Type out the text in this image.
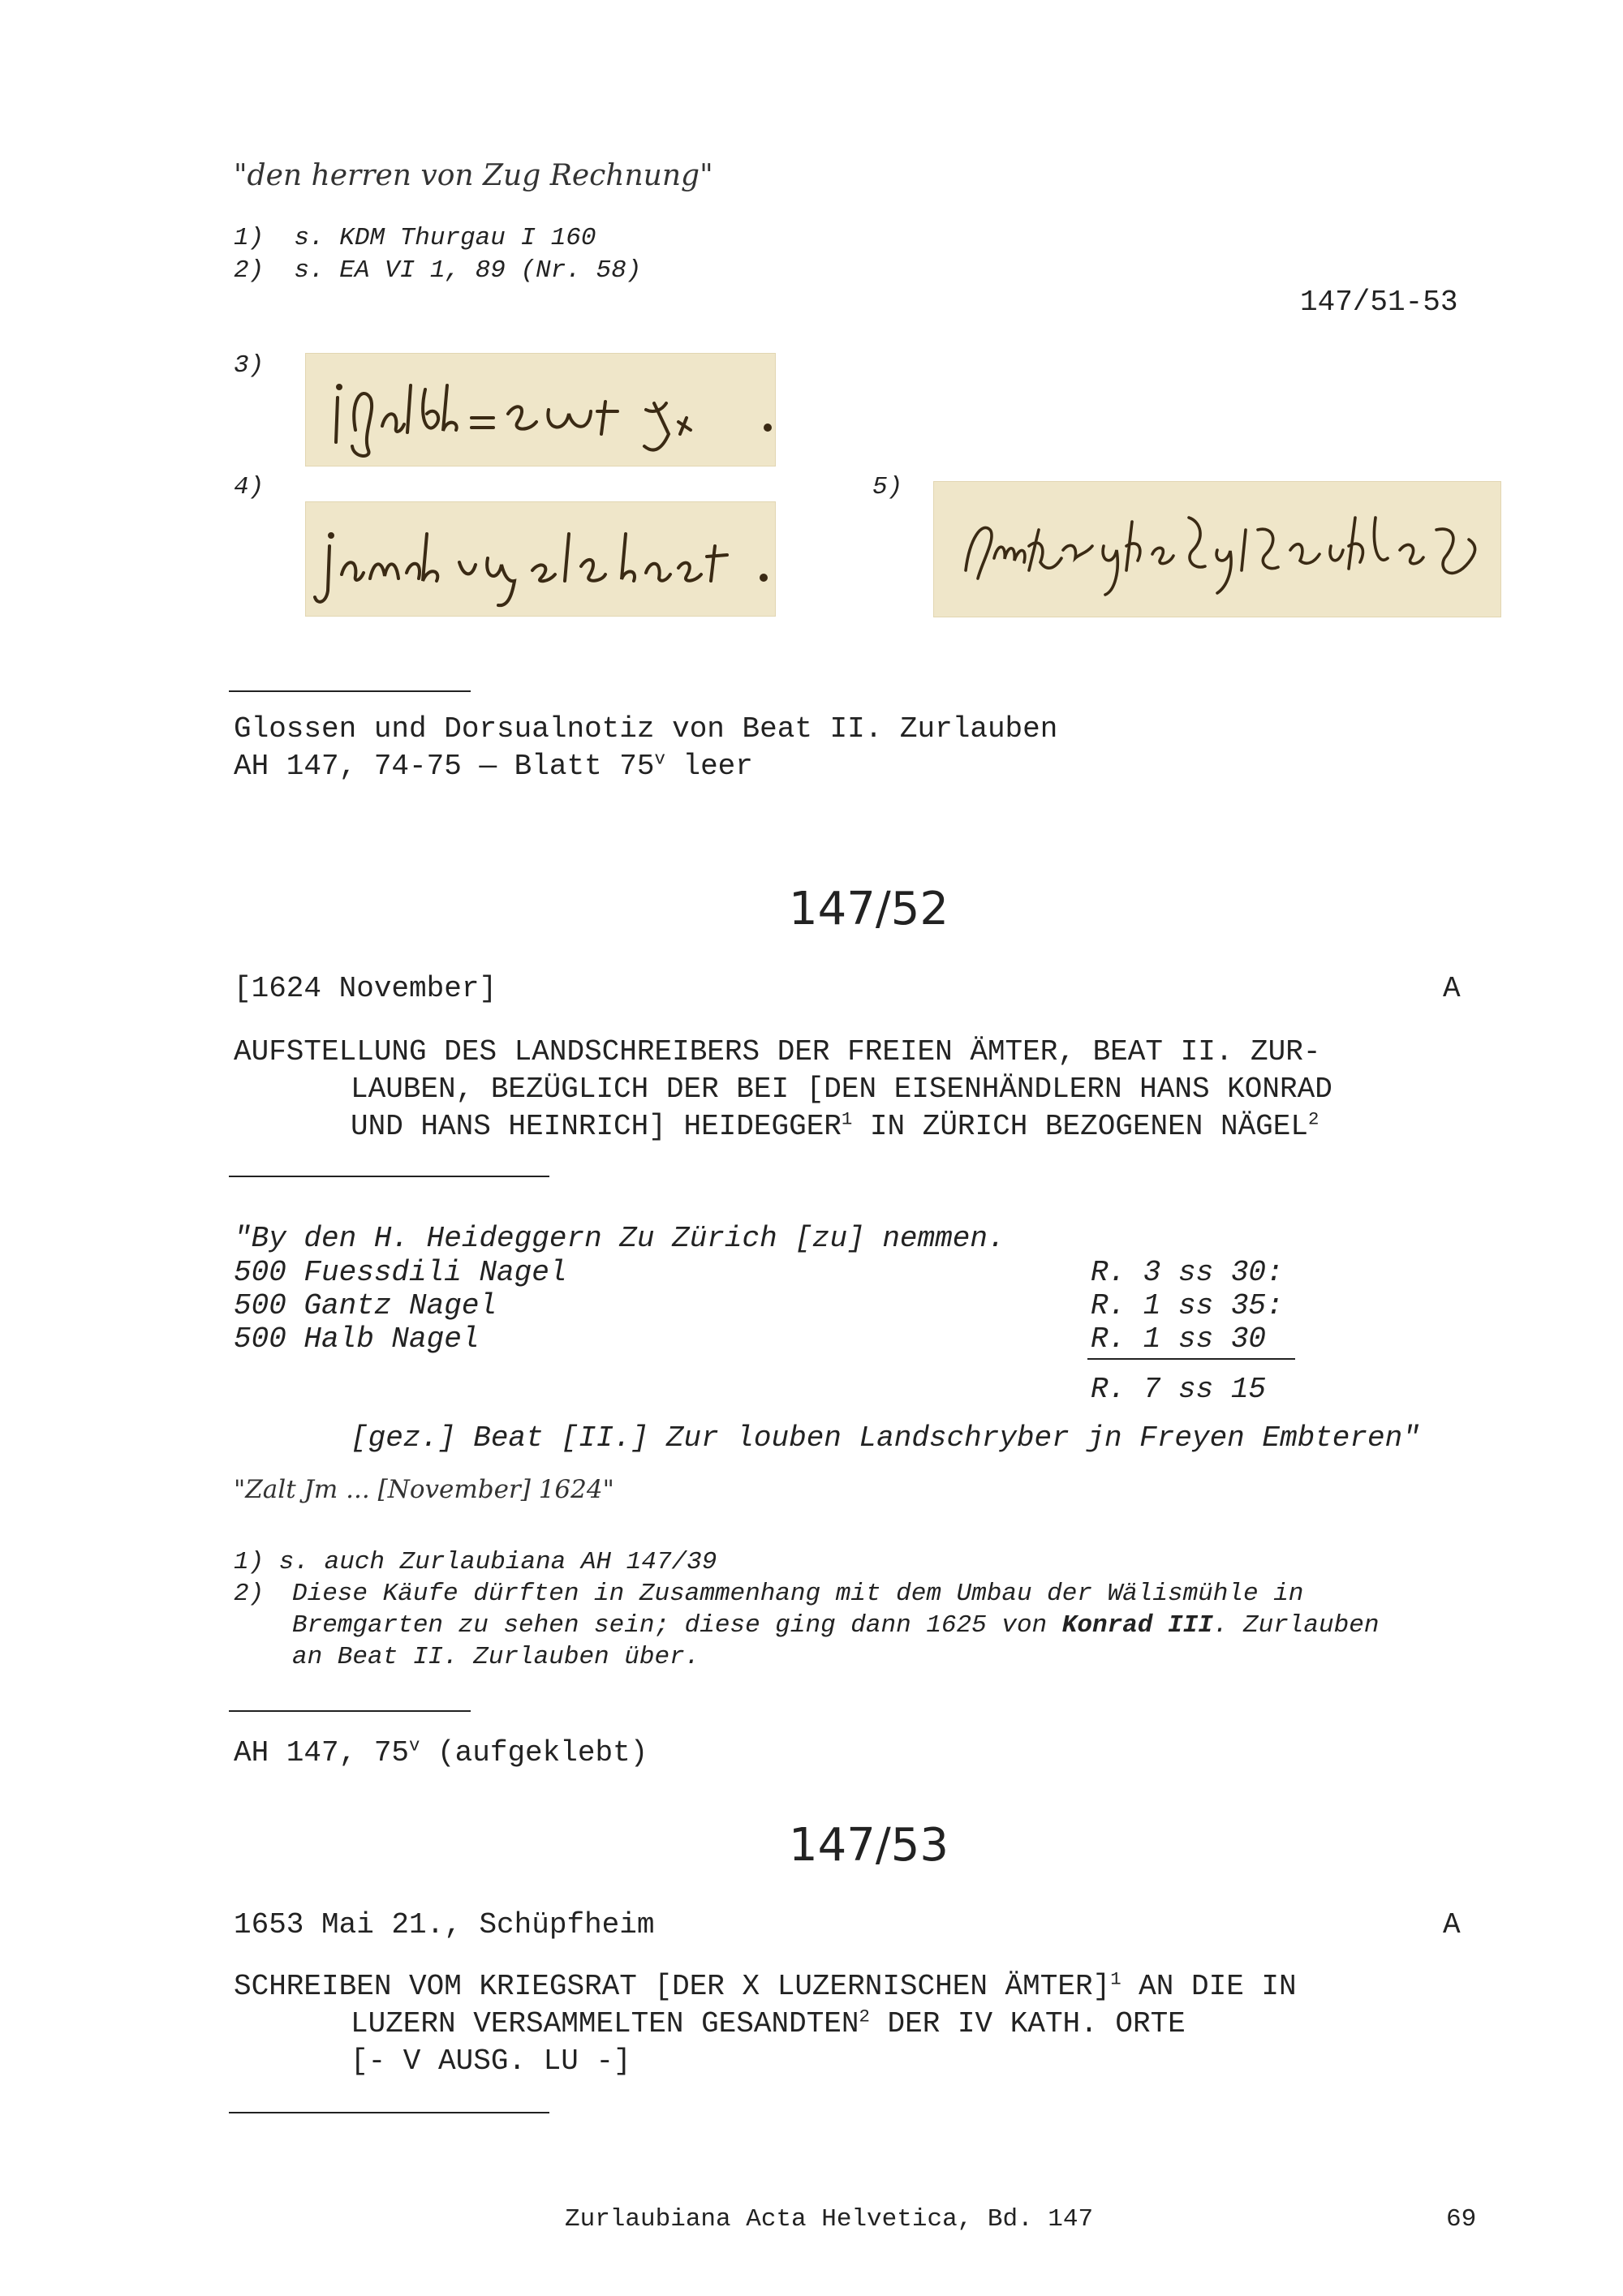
"den herren von Zug Rechnung"
1) s. KDM Thurgau I 160
2) s. EA VI 1, 89 (Nr. 58)
147/51-53
3)
4)	5)
Glossen und Dorsualnotiz von Beat II. Zurlauben
AH 147, 74-75 — Blatt 75$^v$ leer
147/52
[1624 November]	A
AUFSTELLUNG DES LANDSCHREIBERS DER FREIEN ÄMTER, BEAT II. ZUR-
LAUBEN, BEZÜGLICH DER BEI [DEN EISENHÄNDLERN HANS KONRAD
UND HANS HEINRICH] HEIDEGGER$^1$ IN ZÜRICH BEZOGENEN NÄGEL$^2$
"By den H. Heideggern Zu Zürich [zu] nemmen.
500 Fuessdili Nagel	R. 3 ss 30:
500 Gantz Nagel	R. 1 ss 35:
500 Halb Nagel	R. 1 ss 30
R. 7 ss 15
[gez.] Beat [II.] Zur louben Landschryber jn Freyen Embteren"
"Zalt Jm ... [November] 1624"
1) s. auch Zurlaubiana AH 147/39
2) Diese Käufe dürften in Zusammenhang mit dem Umbau der Wälismühle in
Bremgarten zu sehen sein; diese ging dann 1625 von Konrad III. Zurlauben
an Beat II. Zurlauben über.
AH 147, 75$^v$ (aufgeklebt)
147/53
1653 Mai 21., Schüpfheim	A
SCHREIBEN VOM KRIEGSRAT [DER X LUZERNISCHEN ÄMTER]$^1$ AN DIE IN
LUZERN VERSAMMELTEN GESANDTEN$^2$ DER IV KATH. ORTE
[- V AUSG. LU -]
Zurlaubiana Acta Helvetica, Bd. 147	69
